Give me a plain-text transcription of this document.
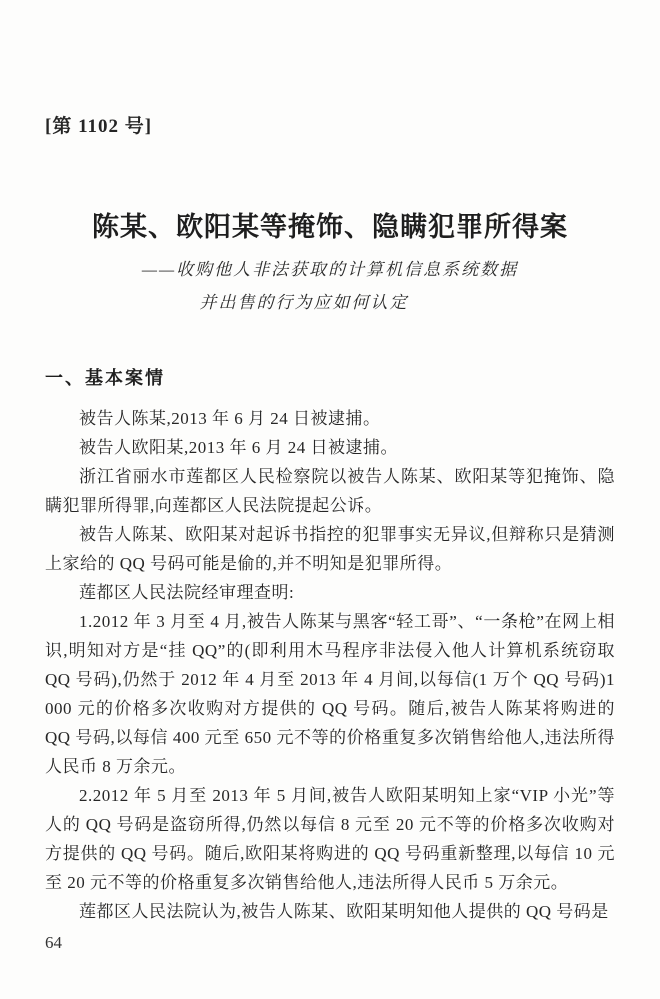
[第 1102 号]
陈某、欧阳某等掩饰、隐瞒犯罪所得案
——收购他人非法获取的计算机信息系统数据
并出售的行为应如何认定
一、基本案情

被告人陈某,2013 年 6 月 24 日被逮捕。

被告人欧阳某,2013 年 6 月 24 日被逮捕。

浙江省丽水市莲都区人民检察院以被告人陈某、欧阳某等犯掩饰、隐瞒犯罪所得罪,向莲都区人民法院提起公诉。

被告人陈某、欧阳某对起诉书指控的犯罪事实无异议,但辩称只是猜测上家给的 QQ 号码可能是偷的,并不明知是犯罪所得。

莲都区人民法院经审理查明:

1.2012 年 3 月至 4 月,被告人陈某与黑客“轻工哥”、“一条枪”在网上相识,明知对方是“挂 QQ”的(即利用木马程序非法侵入他人计算机系统窃取 QQ 号码),仍然于 2012 年 4 月至 2013 年 4 月间,以每信(1 万个 QQ 号码)1 000 元的价格多次收购对方提供的 QQ 号码。随后,被告人陈某将购进的 QQ 号码,以每信 400 元至 650 元不等的价格重复多次销售给他人,违法所得人民币 8 万余元。

2.2012 年 5 月至 2013 年 5 月间,被告人欧阳某明知上家“VIP 小光”等人的 QQ 号码是盗窃所得,仍然以每信 8 元至 20 元不等的价格多次收购对方提供的 QQ 号码。随后,欧阳某将购进的 QQ 号码重新整理,以每信 10 元至 20 元不等的价格重复多次销售给他人,违法所得人民币 5 万余元。

莲都区人民法院认为,被告人陈某、欧阳某明知他人提供的 QQ 号码是

64
